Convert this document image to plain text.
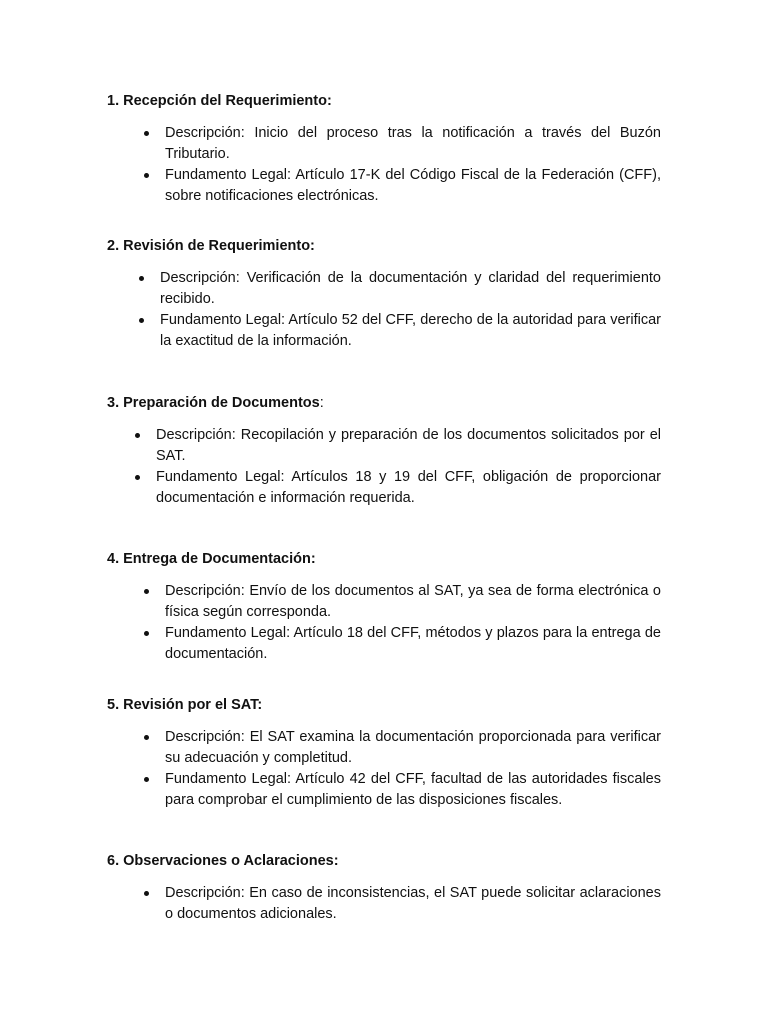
1. Recepción del Requerimiento:
Descripción: Inicio del proceso tras la notificación a través del Buzón Tributario.
Fundamento Legal: Artículo 17-K del Código Fiscal de la Federación (CFF), sobre notificaciones electrónicas.
2. Revisión de Requerimiento:
Descripción: Verificación de la documentación y claridad del requerimiento recibido.
Fundamento Legal: Artículo 52 del CFF, derecho de la autoridad para verificar la exactitud de la información.
3. Preparación de Documentos:
Descripción: Recopilación y preparación de los documentos solicitados por el SAT.
Fundamento Legal: Artículos 18 y 19 del CFF, obligación de proporcionar documentación e información requerida.
4. Entrega de Documentación:
Descripción: Envío de los documentos al SAT, ya sea de forma electrónica o física según corresponda.
Fundamento Legal: Artículo 18 del CFF, métodos y plazos para la entrega de documentación.
5. Revisión por el SAT:
Descripción: El SAT examina la documentación proporcionada para verificar su adecuación y completitud.
Fundamento Legal: Artículo 42 del CFF, facultad de las autoridades fiscales para comprobar el cumplimiento de las disposiciones fiscales.
6. Observaciones o Aclaraciones:
Descripción: En caso de inconsistencias, el SAT puede solicitar aclaraciones o documentos adicionales.
